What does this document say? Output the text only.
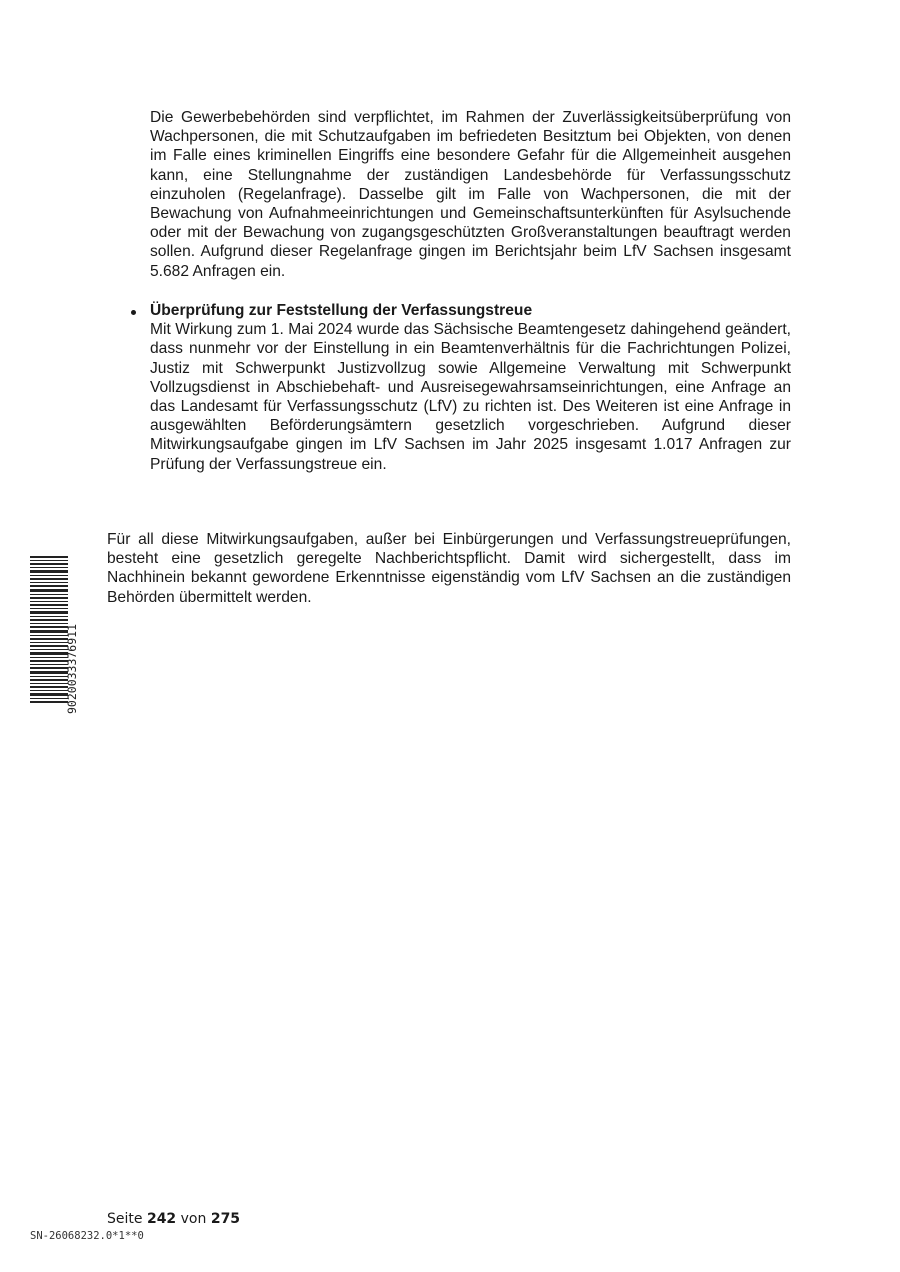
Die Gewerbebehörden sind verpflichtet, im Rahmen der Zuverlässigkeitsüberprüfung von Wachpersonen, die mit Schutzaufgaben im befriedeten Besitztum bei Objekten, von denen im Falle eines kriminellen Eingriffs eine besondere Gefahr für die Allgemeinheit ausgehen kann, eine Stellungnahme der zuständigen Landesbehörde für Verfassungsschutz einzuholen (Regelanfrage). Dasselbe gilt im Falle von Wachpersonen, die mit der Bewachung von Aufnahmeeinrichtungen und Gemeinschaftsunterkünften für Asylsuchende oder mit der Bewachung von zugangsgeschützten Großveranstaltungen beauftragt werden sollen. Aufgrund dieser Regelanfrage gingen im Berichtsjahr beim LfV Sachsen insgesamt 5.682 Anfragen ein.

Überprüfung zur Feststellung der Verfassungstreue

Mit Wirkung zum 1. Mai 2024 wurde das Sächsische Beamtengesetz dahingehend geändert, dass nunmehr vor der Einstellung in ein Beamtenverhältnis für die Fachrichtungen Polizei, Justiz mit Schwerpunkt Justizvollzug sowie Allgemeine Verwaltung mit Schwerpunkt Vollzugsdienst in Abschiebehaft- und Ausreisegewahrsamseinrichtungen, eine Anfrage an das Landesamt für Verfassungsschutz (LfV) zu richten ist. Des Weiteren ist eine Anfrage in ausgewählten Beförderungsämtern gesetzlich vorgeschrieben. Aufgrund dieser Mitwirkungsaufgabe gingen im LfV Sachsen im Jahr 2025 insgesamt 1.017 Anfragen zur Prüfung der Verfassungstreue ein.

Für all diese Mitwirkungsaufgaben, außer bei Einbürgerungen und Verfassungstreueprüfungen, besteht eine gesetzlich geregelte Nachberichtspflicht. Damit wird sichergestellt, dass im Nachhinein bekannt gewordene Erkenntnisse eigenständig vom LfV Sachsen an die zuständigen Behörden übermittelt werden.

9020033376911
Seite 242 von 275
SN-26068232.0*1**0
